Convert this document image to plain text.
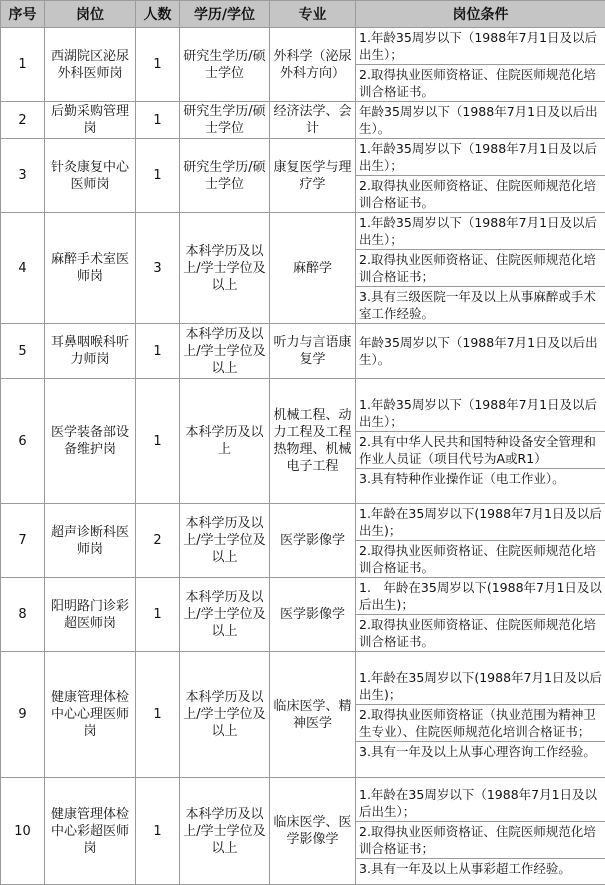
序号	岗位	人数	学历/学位	专业	岗位条件
1	西湖院区泌尿外科医师岗	1	研究生学历/硕士学位	外科学（泌尿外科方向）	1.年龄35周岁以下（1988年7月1日及以后出生）；
2.取得执业医师资格证、住院医师规范化培训合格证书。

2	后勤采购管理岗	1	研究生学历/硕士学位	经济法学、会计	年龄35周岁以下（1988年7月1日及以后出生）。

3	针灸康复中心医师岗	1	研究生学历/硕士学位	康复医学与理疗学	1.年龄35周岁以下（1988年7月1日及以后出生）；
2.取得执业医师资格证、住院医师规范化培训合格证书。

4	麻醉手术室医师岗	3	本科学历及以上/学士学位及以上	麻醉学	1.年龄35周岁以下（1988年7月1日及以后出生）；
2.取得执业医师资格证、住院医师规范化培训合格证书；
3.具有三级医院一年及以上从事麻醉或手术室工作经验。

5	耳鼻咽喉科听力师岗	1	本科学历及以上/学士学位及以上	听力与言语康复学	年龄35周岁以下（1988年7月1日及以后出生）。

6	医学装备部设备维护岗	1	本科学历及以上	机械工程、动力工程及工程热物理、机械电子工程	1.年龄35周岁以下（1988年7月1日及以后出生）；
2.具有中华人民共和国特种设备安全管理和作业人员证（项目代号为A或R1）
3.具有特种作业操作证（电工作业）。

7	超声诊断科医师岗	2	本科学历及以上/学士学位及以上	医学影像学	1.年龄在35周岁以下(1988年7月1日及以后出生)；
2.取得执业医师资格证、住院医师规范化培训合格证书。

8	阳明路门诊彩超医师岗	1	本科学历及以上/学士学位及以上	医学影像学	1.　年龄在35周岁以下(1988年7月1日及以后出生)；
2.取得执业医师资格证、住院医师规范化培训合格证书。

9	健康管理体检中心心理医师岗	1	本科学历及以上/学士学位及以上	临床医学、精神医学	1.年龄在35周岁以下(1988年7月1日及以后出生)；
2.取得执业医师资格证（执业范围为精神卫生专业）、住院医师规范化培训合格证书；
3.具有一年及以上从事心理咨询工作经验。

10	健康管理体检中心彩超医师岗	1	本科学历及以上/学士学位及以上	临床医学、医学影像学	1.年龄在35周岁以下（1988年7月1日及以后出生）；
2.取得执业医师资格证、住院医师规范化培训合格证书；
3.具有一年及以上从事彩超工作经验。
